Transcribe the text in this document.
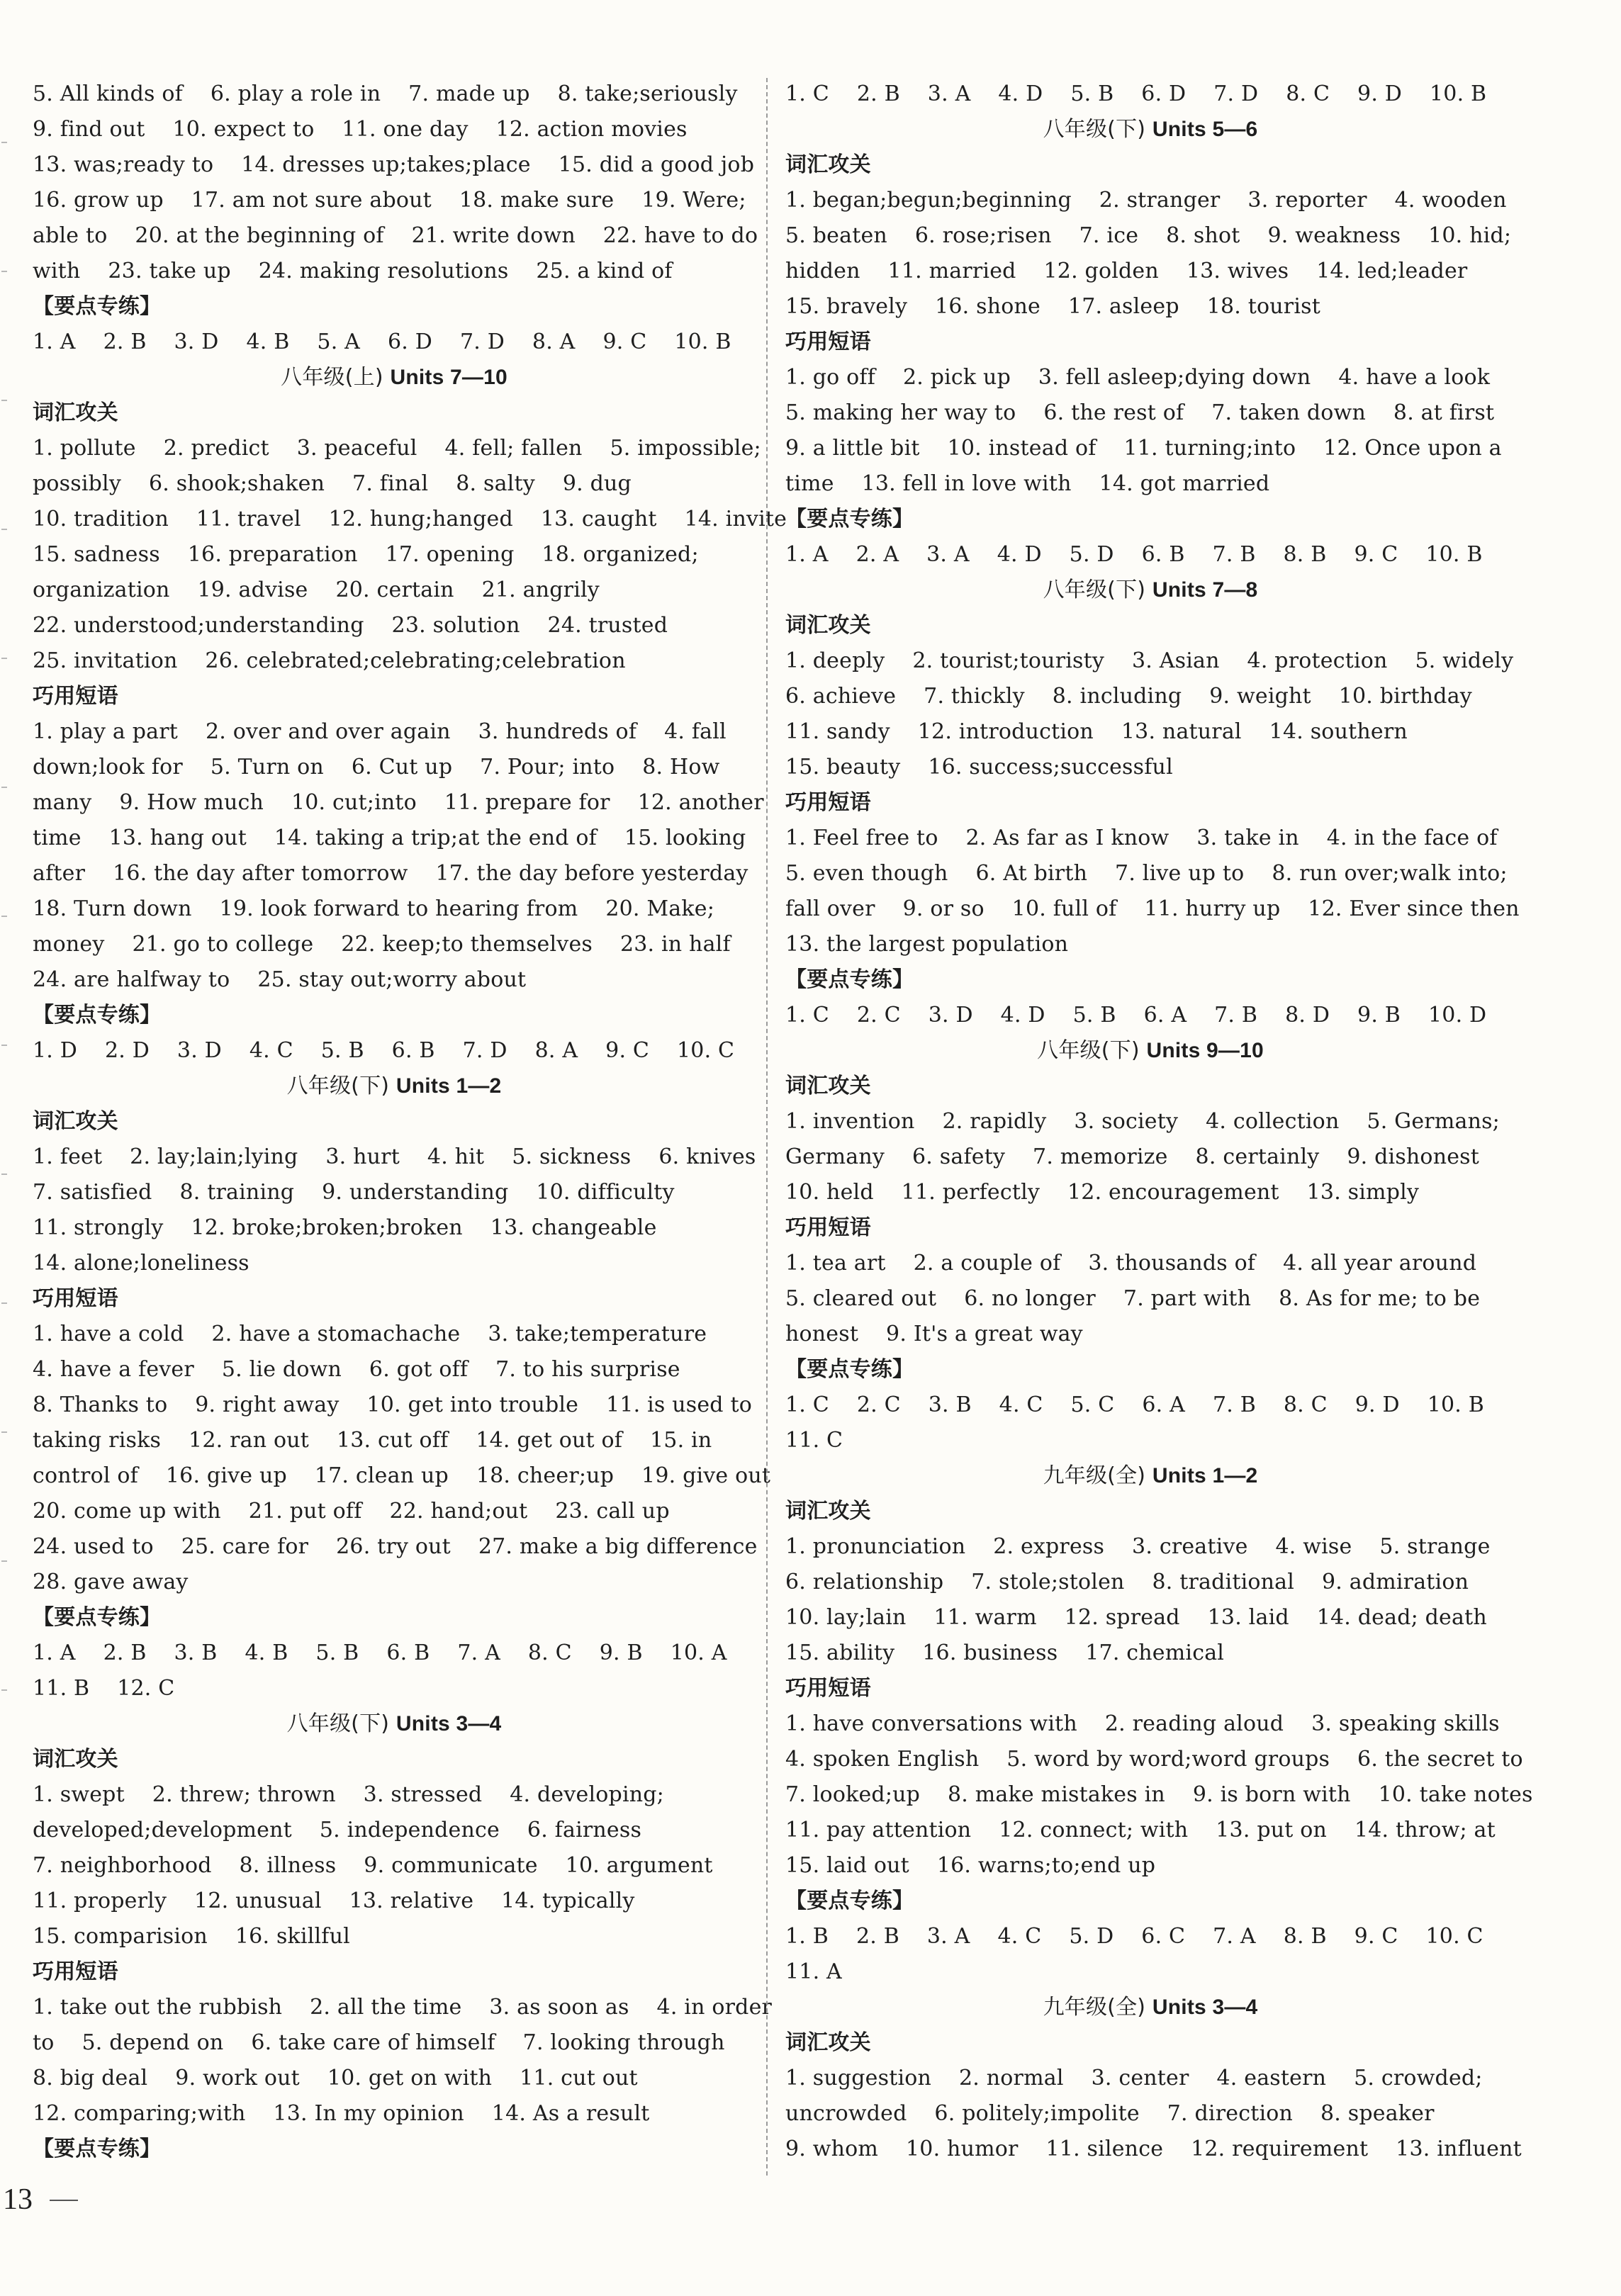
5. All kinds of    6. play a role in    7. made up    8. take;seriously
9. find out    10. expect to    11. one day    12. action movies
13. was;ready to    14. dresses up;takes;place    15. did a good job
16. grow up    17. am not sure about    18. make sure    19. Were;
able to    20. at the beginning of    21. write down    22. have to do
with    23. take up    24. making resolutions    25. a kind of
【要点专练】
1. A    2. B    3. D    4. B    5. A    6. D    7. D    8. A    9. C    10. B
八年级(上) Units 7—10
词汇攻关
1. pollute    2. predict    3. peaceful    4. fell; fallen    5. impossible;
possibly    6. shook;shaken    7. final    8. salty    9. dug
10. tradition    11. travel    12. hung;hanged    13. caught    14. invite
15. sadness    16. preparation    17. opening    18. organized;
organization    19. advise    20. certain    21. angrily
22. understood;understanding    23. solution    24. trusted
25. invitation    26. celebrated;celebrating;celebration
巧用短语
1. play a part    2. over and over again    3. hundreds of    4. fall
down;look for    5. Turn on    6. Cut up    7. Pour; into    8. How
many    9. How much    10. cut;into    11. prepare for    12. another
time    13. hang out    14. taking a trip;at the end of    15. looking
after    16. the day after tomorrow    17. the day before yesterday
18. Turn down    19. look forward to hearing from    20. Make;
money    21. go to college    22. keep;to themselves    23. in half
24. are halfway to    25. stay out;worry about
【要点专练】
1. D    2. D    3. D    4. C    5. B    6. B    7. D    8. A    9. C    10. C
八年级(下) Units 1—2
词汇攻关
1. feet    2. lay;lain;lying    3. hurt    4. hit    5. sickness    6. knives
7. satisfied    8. training    9. understanding    10. difficulty
11. strongly    12. broke;broken;broken    13. changeable
14. alone;loneliness
巧用短语
1. have a cold    2. have a stomachache    3. take;temperature
4. have a fever    5. lie down    6. got off    7. to his surprise
8. Thanks to    9. right away    10. get into trouble    11. is used to
taking risks    12. ran out    13. cut off    14. get out of    15. in
control of    16. give up    17. clean up    18. cheer;up    19. give out
20. come up with    21. put off    22. hand;out    23. call up
24. used to    25. care for    26. try out    27. make a big difference
28. gave away
【要点专练】
1. A    2. B    3. B    4. B    5. B    6. B    7. A    8. C    9. B    10. A
11. B    12. C
八年级(下) Units 3—4
词汇攻关
1. swept    2. threw; thrown    3. stressed    4. developing;
developed;development    5. independence    6. fairness
7. neighborhood    8. illness    9. communicate    10. argument
11. properly    12. unusual    13. relative    14. typically
15. comparision    16. skillful
巧用短语
1. take out the rubbish    2. all the time    3. as soon as    4. in order
to    5. depend on    6. take care of himself    7. looking through
8. big deal    9. work out    10. get on with    11. cut out
12. comparing;with    13. In my opinion    14. As a result
【要点专练】
1. C    2. B    3. A    4. D    5. B    6. D    7. D    8. C    9. D    10. B
八年级(下) Units 5—6
词汇攻关
1. began;begun;beginning    2. stranger    3. reporter    4. wooden
5. beaten    6. rose;risen    7. ice    8. shot    9. weakness    10. hid;
hidden    11. married    12. golden    13. wives    14. led;leader
15. bravely    16. shone    17. asleep    18. tourist
巧用短语
1. go off    2. pick up    3. fell asleep;dying down    4. have a look
5. making her way to    6. the rest of    7. taken down    8. at first
9. a little bit    10. instead of    11. turning;into    12. Once upon a
time    13. fell in love with    14. got married
【要点专练】
1. A    2. A    3. A    4. D    5. D    6. B    7. B    8. B    9. C    10. B
八年级(下) Units 7—8
词汇攻关
1. deeply    2. tourist;touristy    3. Asian    4. protection    5. widely
6. achieve    7. thickly    8. including    9. weight    10. birthday
11. sandy    12. introduction    13. natural    14. southern
15. beauty    16. success;successful
巧用短语
1. Feel free to    2. As far as I know    3. take in    4. in the face of
5. even though    6. At birth    7. live up to    8. run over;walk into;
fall over    9. or so    10. full of    11. hurry up    12. Ever since then
13. the largest population
【要点专练】
1. C    2. C    3. D    4. D    5. B    6. A    7. B    8. D    9. B    10. D
八年级(下) Units 9—10
词汇攻关
1. invention    2. rapidly    3. society    4. collection    5. Germans;
Germany    6. safety    7. memorize    8. certainly    9. dishonest
10. held    11. perfectly    12. encouragement    13. simply
巧用短语
1. tea art    2. a couple of    3. thousands of    4. all year around
5. cleared out    6. no longer    7. part with    8. As for me; to be
honest    9. It's a great way
【要点专练】
1. C    2. C    3. B    4. C    5. C    6. A    7. B    8. C    9. D    10. B
11. C
九年级(全) Units 1—2
词汇攻关
1. pronunciation    2. express    3. creative    4. wise    5. strange
6. relationship    7. stole;stolen    8. traditional    9. admiration
10. lay;lain    11. warm    12. spread    13. laid    14. dead; death
15. ability    16. business    17. chemical
巧用短语
1. have conversations with    2. reading aloud    3. speaking skills
4. spoken English    5. word by word;word groups    6. the secret to
7. looked;up    8. make mistakes in    9. is born with    10. take notes
11. pay attention    12. connect; with    13. put on    14. throw; at
15. laid out    16. warns;to;end up
【要点专练】
1. B    2. B    3. A    4. C    5. D    6. C    7. A    8. B    9. C    10. C
11. A
九年级(全) Units 3—4
词汇攻关
1. suggestion    2. normal    3. center    4. eastern    5. crowded;
uncrowded    6. politely;impolite    7. direction    8. speaker
9. whom    10. humor    11. silence    12. requirement    13. influent
13
